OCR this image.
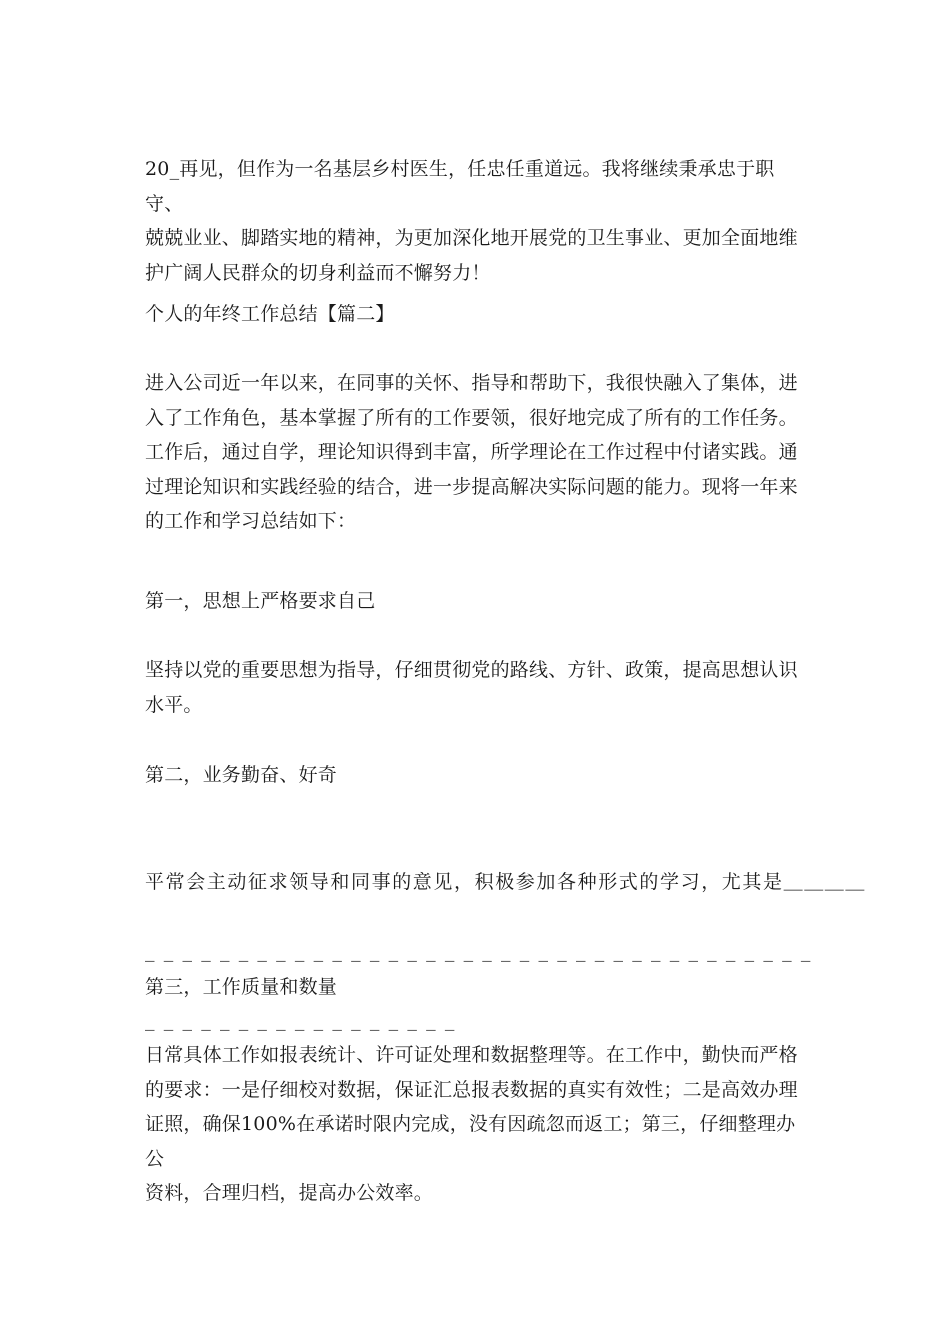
20_再见，但作为一名基层乡村医生，任忠任重道远。我将继续秉承忠于职守、
兢兢业业、脚踏实地的精神，为更加深化地开展党的卫生事业、更加全面地维
护广阔人民群众的切身利益而不懈努力！

个人的年终工作总结【篇二】

进入公司近一年以来，在同事的关怀、指导和帮助下，我很快融入了集体，进
入了工作角色，基本掌握了所有的工作要领，很好地完成了所有的工作任务。
工作后，通过自学，理论知识得到丰富，所学理论在工作过程中付诸实践。通
过理论知识和实践经验的结合，进一步提高解决实际问题的能力。现将一年来
的工作和学习总结如下：

第一，思想上严格要求自己

坚持以党的重要思想为指导，仔细贯彻党的路线、方针、政策，提高思想认识
水平。

第二，业务勤奋、好奇

平常会主动征求领导和同事的意见，积极参加各种形式的学习，尤其是＿＿＿＿

_ _ _ _ _ _ _ _ _ _ _ _ _ _ _ _ _ _ _ _ _ _ _ _ _ _ _ _ _ _ _ _ _ _ _ _

_ _ _ _ _ _ _ _ _ _ _ _ _ _ _ _ _

第三，工作质量和数量

日常具体工作如报表统计、许可证处理和数据整理等。在工作中，勤快而严格
的要求：一是仔细校对数据，保证汇总报表数据的真实有效性；二是高效办理
证照，确保100%在承诺时限内完成，没有因疏忽而返工；第三，仔细整理办公
资料，合理归档，提高办公效率。
